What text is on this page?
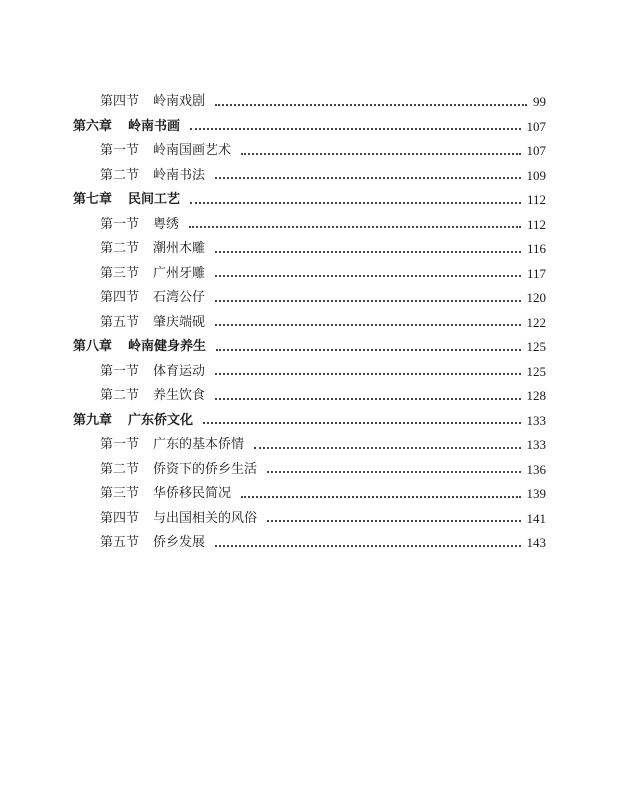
第四节 岭南戏剧	99
第六章 岭南书画	107
第一节 岭南国画艺术	107
第二节 岭南书法	109
第七章 民间工艺	112
第一节 粤绣	112
第二节 潮州木雕	116
第三节 广州牙雕	117
第四节 石湾公仔	120
第五节 肇庆端砚	122
第八章 岭南健身养生	125
第一节 体育运动	125
第二节 养生饮食	128
第九章 广东侨文化	133
第一节 广东的基本侨情	133
第二节 侨资下的侨乡生活	136
第三节 华侨移民简况	139
第四节 与出国相关的风俗	141
第五节 侨乡发展	143
